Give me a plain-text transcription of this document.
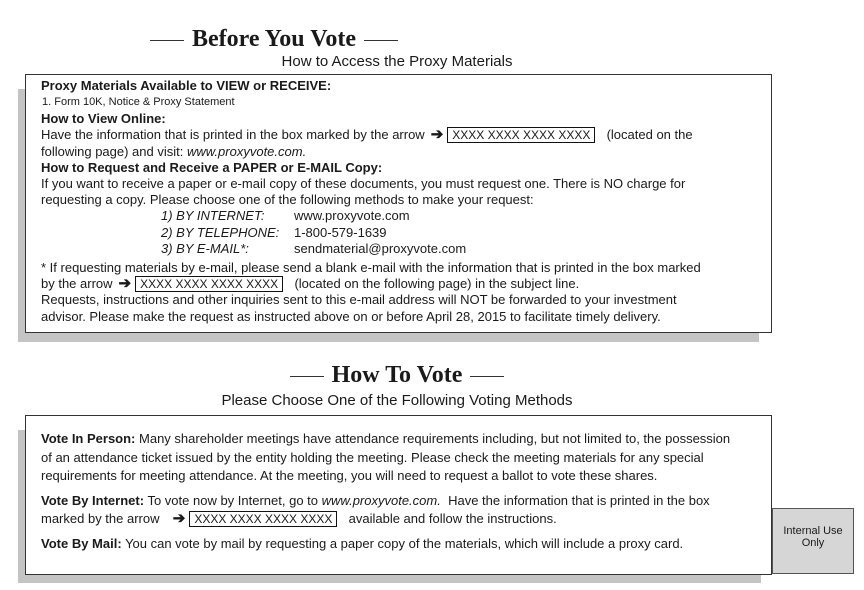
Before You Vote
How to Access the Proxy Materials

Proxy Materials Available to VIEW or RECEIVE:

1. Form 10K, Notice & Proxy Statement

How to View Online:

Have the information that is printed in the box marked by the arrow ➔ XXXX XXXX XXXX XXXX (located on the

following page) and visit: www.proxyvote.com.

How to Request and Receive a PAPER or E-MAIL Copy:

If you want to receive a paper or e-mail copy of these documents, you must request one. There is NO charge for

requesting a copy. Please choose one of the following methods to make your request:

1) BY INTERNET: www.proxyvote.com
2) BY TELEPHONE: 1-800-579-1639
3) BY E-MAIL*:	sendmaterial@proxyvote.com

* If requesting materials by e-mail, please send a blank e-mail with the information that is printed in the box marked

by the arrow ➔ XXXX XXXX XXXX XXXX (located on the following page) in the subject line.

Requests, instructions and other inquiries sent to this e-mail address will NOT be forwarded to your investment

advisor. Please make the request as instructed above on or before April 28, 2015 to facilitate timely delivery.

How To Vote
Please Choose One of the Following Voting Methods

Vote In Person: Many shareholder meetings have attendance requirements including, but not limited to, the possession

of an attendance ticket issued by the entity holding the meeting. Please check the meeting materials for any special

requirements for meeting attendance. At the meeting, you will need to request a ballot to vote these shares.

Vote By Internet: To vote now by Internet, go to www.proxyvote.com. Have the information that is printed in the box

marked by the arrow ➔ XXXX XXXX XXXX XXXX available and follow the instructions.

Vote By Mail: You can vote by mail by requesting a paper copy of the materials, which will include a proxy card.

Internal Use Only
